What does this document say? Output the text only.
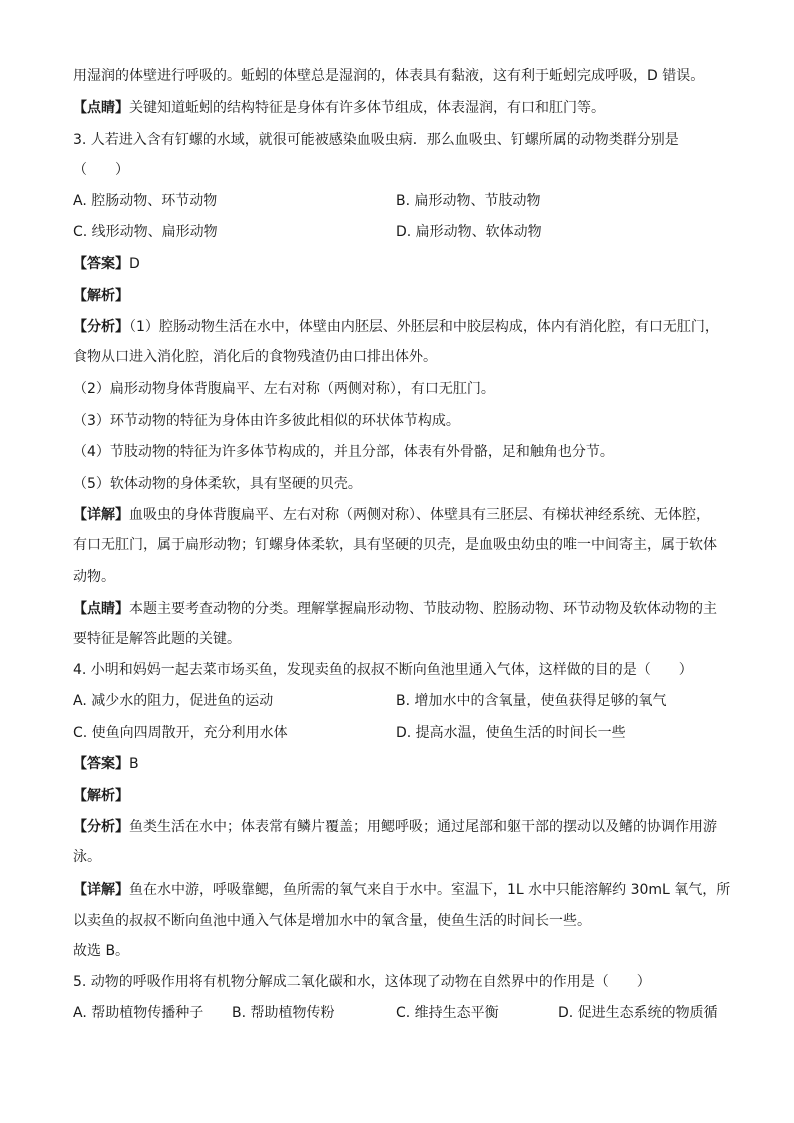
用湿润的体壁进行呼吸的。蚯蚓的体壁总是湿润的，体表具有黏液，这有利于蚯蚓完成呼吸，D 错误。
【点睛】关键知道蚯蚓的结构特征是身体有许多体节组成，体表湿润，有口和肛门等。
3. 人若进入含有钉螺的水域，就很可能被感染血吸虫病．那么血吸虫、钉螺所属的动物类群分别是
（　　）
A. 腔肠动物、环节动物	B. 扁形动物、节肢动物
C. 线形动物、扁形动物	D. 扁形动物、软体动物
【答案】D
【解析】
【分析】（1）腔肠动物生活在水中，体壁由内胚层、外胚层和中胶层构成，体内有消化腔，有口无肛门，
食物从口进入消化腔，消化后的食物残渣仍由口排出体外。
（2）扁形动物身体背腹扁平、左右对称（两侧对称），有口无肛门。
（3）环节动物的特征为身体由许多彼此相似的环状体节构成。
（4）节肢动物的特征为许多体节构成的，并且分部，体表有外骨骼，足和触角也分节。
（5）软体动物的身体柔软，具有坚硬的贝壳。
【详解】血吸虫的身体背腹扁平、左右对称（两侧对称）、体壁具有三胚层、有梯状神经系统、无体腔，
有口无肛门，属于扁形动物；钉螺身体柔软，具有坚硬的贝壳，是血吸虫幼虫的唯一中间寄主，属于软体
动物。
【点睛】本题主要考查动物的分类。理解掌握扁形动物、节肢动物、腔肠动物、环节动物及软体动物的主
要特征是解答此题的关键。
4. 小明和妈妈一起去菜市场买鱼，发现卖鱼的叔叔不断向鱼池里通入气体，这样做的目的是（　　）
A. 减少水的阻力，促进鱼的运动	B. 增加水中的含氧量，使鱼获得足够的氧气
C. 使鱼向四周散开，充分利用水体	D. 提高水温，使鱼生活的时间长一些
【答案】B
【解析】
【分析】鱼类生活在水中；体表常有鳞片覆盖；用鳃呼吸；通过尾部和躯干部的摆动以及鳍的协调作用游
泳。
【详解】鱼在水中游，呼吸靠鳃，鱼所需的氧气来自于水中。室温下，1L 水中只能溶解约 30mL 氧气，所
以卖鱼的叔叔不断向鱼池中通入气体是增加水中的氧含量，使鱼生活的时间长一些。
故选 B。
5. 动物的呼吸作用将有机物分解成二氧化碳和水，这体现了动物在自然界中的作用是（　　）
A. 帮助植物传播种子 B. 帮助植物传粉	C. 维持生态平衡	D. 促进生态系统的物质循
